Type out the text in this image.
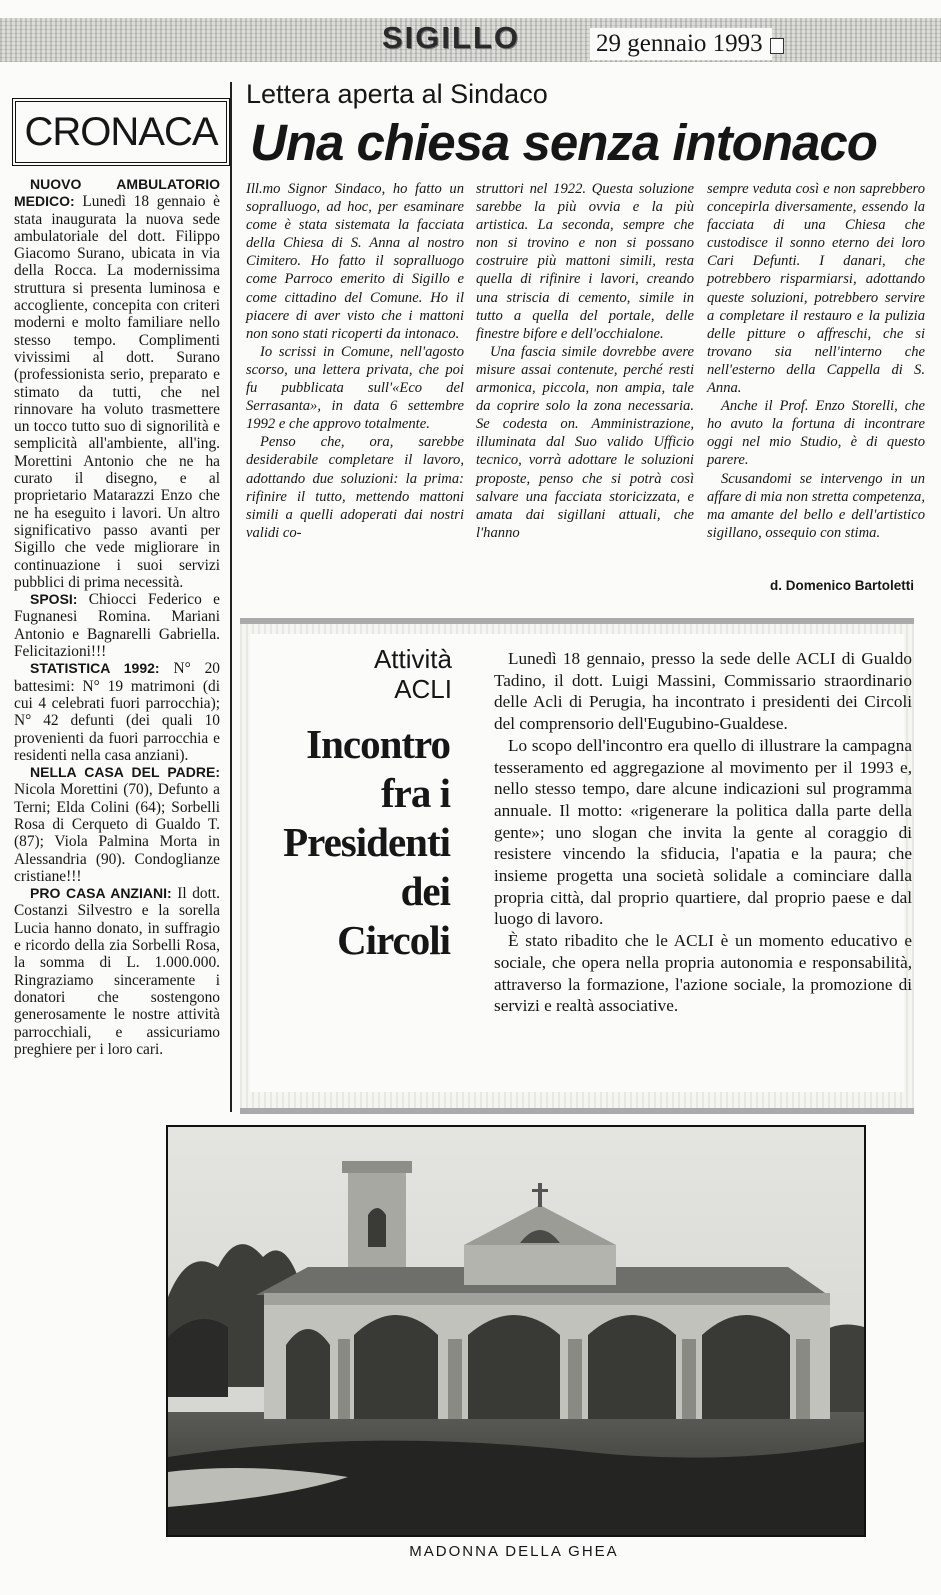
SIGILLO	29 gennaio 1993
CRONACA

NUOVO AMBULATORIO MEDICO: Lunedì 18 gennaio è stata inaugurata la nuova sede ambulatoriale del dott. Filippo Giacomo Surano, ubicata in via della Rocca. La modernissima struttura si presenta luminosa e accogliente, concepita con criteri moderni e molto familiare nello stesso tempo. Complimenti vivissimi al dott. Surano (professionista serio, preparato e stimato da tutti, che nel rinnovare ha voluto trasmettere un tocco tutto suo di signorilità e semplicità all'ambiente, all'ing. Morettini Antonio che ne ha curato il disegno, e al proprietario Matarazzi Enzo che ne ha eseguito i lavori. Un altro significativo passo avanti per Sigillo che vede migliorare in continuazione i suoi servizi pubblici di prima necessità.

SPOSI: Chiocci Federico e Fugnanesi Romina. Mariani Antonio e Bagnarelli Gabriella. Felicitazioni!!!

STATISTICA 1992: N° 20 battesimi: N° 19 matrimoni (di cui 4 celebrati fuori parrocchia); N° 42 defunti (dei quali 10 provenienti da fuori parrocchia e residenti nella casa anziani).

NELLA CASA DEL PADRE: Nicola Morettini (70), Defunto a Terni; Elda Colini (64); Sorbelli Rosa di Cerqueto di Gualdo T. (87); Viola Palmina Morta in Alessandria (90). Condoglianze cristiane!!!

PRO CASA ANZIANI: Il dott. Costanzi Silvestro e la sorella Lucia hanno donato, in suffragio e ricordo della zia Sorbelli Rosa, la somma di L. 1.000.000. Ringraziamo sinceramente i donatori che sostengono generosamente le nostre attività parrocchiali, e assicuriamo preghiere per i loro cari.

Lettera aperta al Sindaco
Una chiesa senza intonaco

Ill.mo Signor Sindaco, ho fatto un sopralluogo, ad hoc, per esaminare come è stata sistemata la facciata della Chiesa di S. Anna al nostro Cimitero. Ho fatto il sopralluogo come Parroco emerito di Sigillo e come cittadino del Comune. Ho il piacere di aver visto che i mattoni non sono stati ricoperti da intonaco.

Io scrissi in Comune, nell'agosto scorso, una lettera privata, che poi fu pubblicata sull'«Eco del Serrasanta», in data 6 settembre 1992 e che approvo totalmente.

Penso che, ora, sarebbe desiderabile completare il lavoro, adottando due soluzioni: la prima: rifinire il tutto, mettendo mattoni simili a quelli adoperati dai nostri validi co-

struttori nel 1922. Questa soluzione sarebbe la più ovvia e la più artistica. La seconda, sempre che non si trovino e non si possano costruire più mattoni simili, resta quella di rifinire i lavori, creando una striscia di cemento, simile in tutto a quella del portale, delle finestre bifore e dell'occhialone.

Una fascia simile dovrebbe avere misure assai contenute, perché resti armonica, piccola, non ampia, tale da coprire solo la zona necessaria. Se codesta on. Amministrazione, illuminata dal Suo valido Ufficio tecnico, vorrà adottare le soluzioni proposte, penso che si potrà così salvare una facciata storicizzata, e amata dai sigillani attuali, che l'hanno

sempre veduta così e non saprebbero concepirla diversamente, essendo la facciata di una Chiesa che custodisce il sonno eterno dei loro Cari Defunti. I danari, che potrebbero risparmiarsi, adottando queste soluzioni, potrebbero servire a completare il restauro e la pulizia delle pitture o affreschi, che si trovano sia nell'interno che nell'esterno della Cappella di S. Anna.

Anche il Prof. Enzo Storelli, che ho avuto la fortuna di incontrare oggi nel mio Studio, è di questo parere.

Scusandomi se intervengo in un affare di mia non stretta competenza, ma amante del bello e dell'artistico sigillano, ossequio con stima.

d. Domenico Bartoletti
Attività
ACLI
Incontro
fra i
Presidenti
dei
Circoli

Lunedì 18 gennaio, presso la sede delle ACLI di Gualdo Tadino, il dott. Luigi Massini, Commissario straordinario delle Acli di Perugia, ha incontrato i presidenti dei Circoli del comprensorio dell'Eugubino-Gualdese.

Lo scopo dell'incontro era quello di illustrare la campagna tesseramento ed aggregazione al movimento per il 1993 e, nello stesso tempo, dare alcune indicazioni sul programma annuale. Il motto: «rigenerare la politica dalla parte della gente»; uno slogan che invita la gente al coraggio di resistere vincendo la sfiducia, l'apatia e la paura; che insieme progetta una società solidale a cominciare dalla propria città, dal proprio quartiere, dal proprio paese e dal luogo di lavoro.

È stato ribadito che le ACLI è un momento educativo e sociale, che opera nella propria autonomia e responsabilità, attraverso la formazione, l'azione sociale, la promozione di servizi e realtà associative.

MADONNA DELLA GHEA
